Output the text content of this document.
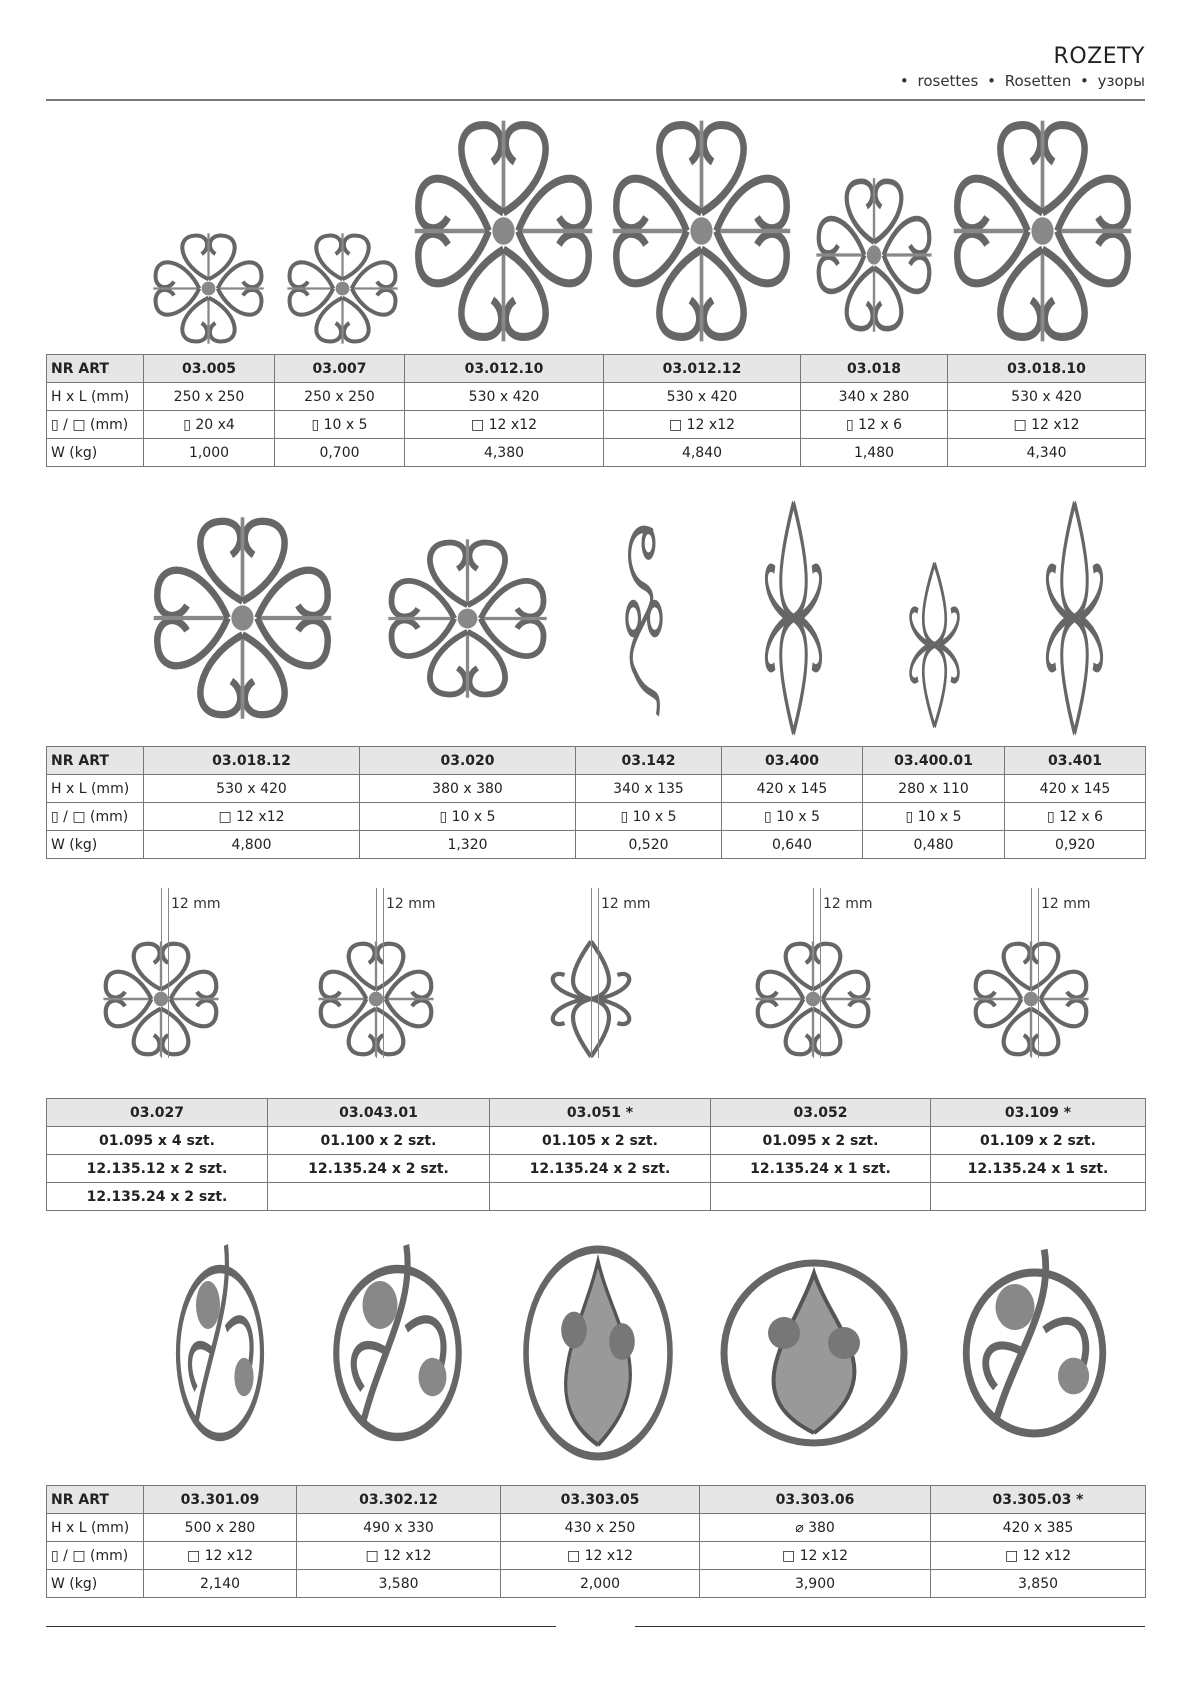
ROZETY
• rosettes • Rosetten • узоры
NR ART	03.005	03.007	03.012.10	03.012.12	03.018	03.018.10
H x L (mm)	250 x 250	250 x 250	530 x 420	530 x 420	340 x 280	530 x 420
▯ / □ (mm)	▯ 20 x4	▯ 10 x 5	□ 12 x12	□ 12 x12	▯ 12 x 6	□ 12 x12
W (kg)	1,000	0,700	4,380	4,840	1,480	4,340
NR ART	03.018.12	03.020	03.142	03.400	03.400.01	03.401
H x L (mm)	530 x 420	380 x 380	340 x 135	420 x 145	280 x 110	420 x 145
▯ / □ (mm)	□ 12 x12	▯ 10 x 5	▯ 10 x 5	▯ 10 x 5	▯ 10 x 5	▯ 12 x 6
W (kg)	4,800	1,320	0,520	0,640	0,480	0,920
03.027	03.043.01	03.051 *	03.052	03.109 *
01.095 x 4 szt.	01.100 x 2 szt.	01.105 x 2 szt.	01.095 x 2 szt.	01.109 x 2 szt.
12.135.12 x 2 szt.	12.135.24 x 2 szt.	12.135.24 x 2 szt.	12.135.24 x 1 szt.	12.135.24 x 1 szt.
12.135.24 x 2 szt.				
NR ART	03.301.09	03.302.12	03.303.05	03.303.06	03.305.03 *
H x L (mm)	500 x 280	490 x 330	430 x 250	⌀ 380	420 x 385
▯ / □ (mm)	□ 12 x12	□ 12 x12	□ 12 x12	□ 12 x12	□ 12 x12
W (kg)	2,140	3,580	2,000	3,900	3,850
12 mm	12 mm	12 mm	12 mm	12 mm
